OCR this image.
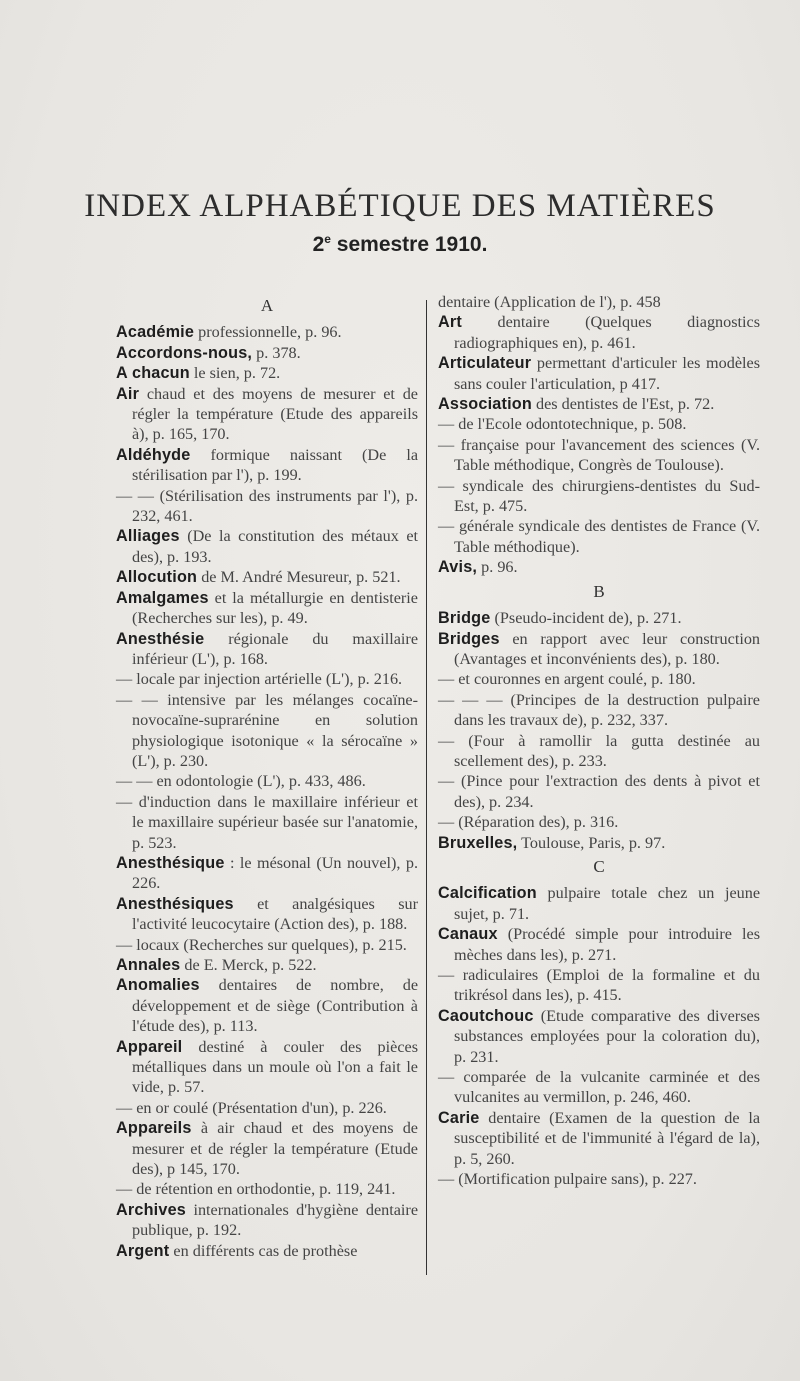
INDEX ALPHABÉTIQUE DES MATIÈRES
2e semestre 1910.
A

Académie professionnelle, p. 96.

Accordons-nous, p. 378.

A chacun le sien, p. 72.

Air chaud et des moyens de mesurer et de régler la température (Etude des appareils à), p. 165, 170.

Aldéhyde formique naissant (De la stérilisation par l'), p. 199.

— — (Stérilisation des instruments par l'), p. 232, 461.

Alliages (De la constitution des métaux et des), p. 193.

Allocution de M. André Mesureur, p. 521.

Amalgames et la métallurgie en dentisterie (Recherches sur les), p. 49.

Anesthésie régionale du maxillaire inférieur (L'), p. 168.

— locale par injection artérielle (L'), p. 216.

— — intensive par les mélanges cocaïne-novocaïne-suprarénine en solution physiologique isotonique « la sérocaïne » (L'), p. 230.

— — en odontologie (L'), p. 433, 486.

— d'induction dans le maxillaire inférieur et le maxillaire supérieur basée sur l'anatomie, p. 523.

Anesthésique : le mésonal (Un nouvel), p. 226.

Anesthésiques et analgésiques sur l'activité leucocytaire (Action des), p. 188.

— locaux (Recherches sur quelques), p. 215.

Annales de E. Merck, p. 522.

Anomalies dentaires de nombre, de développement et de siège (Contribution à l'étude des), p. 113.

Appareil destiné à couler des pièces métalliques dans un moule où l'on a fait le vide, p. 57.

— en or coulé (Présentation d'un), p. 226.

Appareils à air chaud et des moyens de mesurer et de régler la température (Etude des), p 145, 170.

— de rétention en orthodontie, p. 119, 241.

Archives internationales d'hygiène dentaire publique, p. 192.

Argent en différents cas de prothèse

dentaire (Application de l'), p. 458

Art dentaire (Quelques diagnostics radiographiques en), p. 461.

Articulateur permettant d'articuler les modèles sans couler l'articulation, p 417.

Association des dentistes de l'Est, p. 72.

— de l'Ecole odontotechnique, p. 508.

— française pour l'avancement des sciences (V. Table méthodique, Congrès de Toulouse).

— syndicale des chirurgiens-dentistes du Sud-Est, p. 475.

— générale syndicale des dentistes de France (V. Table méthodique).

Avis, p. 96.

B

Bridge (Pseudo-incident de), p. 271.

Bridges en rapport avec leur construction (Avantages et inconvénients des), p. 180.

— et couronnes en argent coulé, p. 180.

— — — (Principes de la destruction pulpaire dans les travaux de), p. 232, 337.

— (Four à ramollir la gutta destinée au scellement des), p. 233.

— (Pince pour l'extraction des dents à pivot et des), p. 234.

— (Réparation des), p. 316.

Bruxelles, Toulouse, Paris, p. 97.

C

Calcification pulpaire totale chez un jeune sujet, p. 71.

Canaux (Procédé simple pour introduire les mèches dans les), p. 271.

— radiculaires (Emploi de la formaline et du trikrésol dans les), p. 415.

Caoutchouc (Etude comparative des diverses substances employées pour la coloration du), p. 231.

— comparée de la vulcanite carminée et des vulcanites au vermillon, p. 246, 460.

Carie dentaire (Examen de la question de la susceptibilité et de l'immunité à l'égard de la), p. 5, 260.

— (Mortification pulpaire sans), p. 227.
